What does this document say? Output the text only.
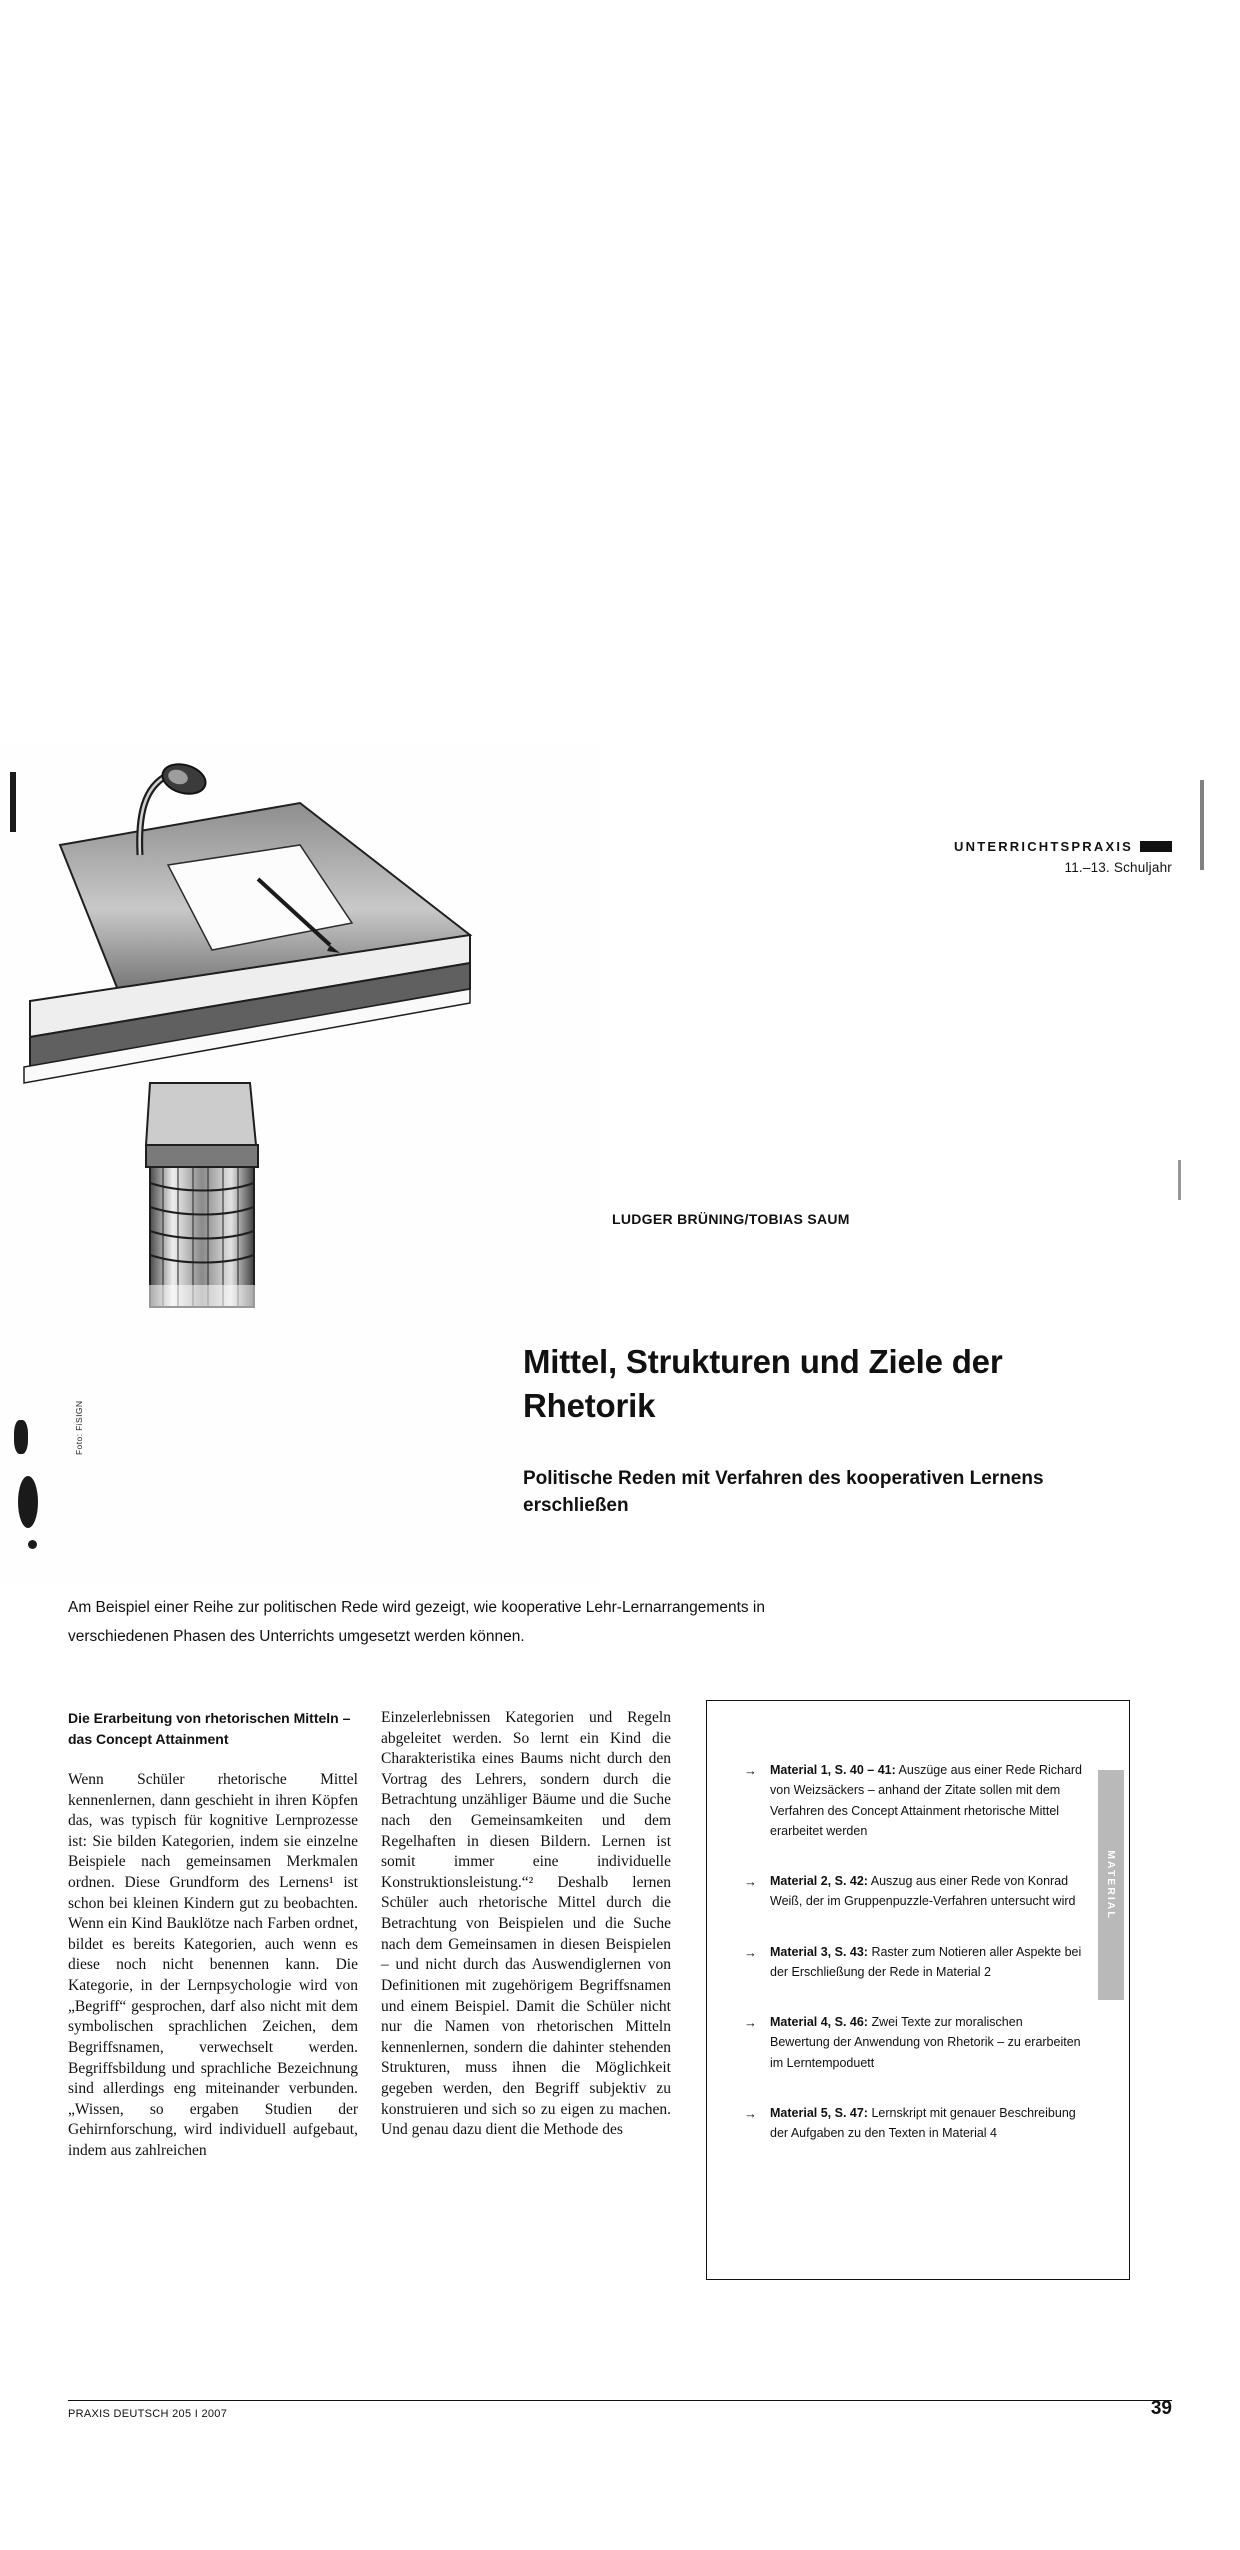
UNTERRICHTSPRAXIS
11.–13. Schuljahr
Foto: FiSIGN
LUDGER BRÜNING/TOBIAS SAUM
Mittel, Strukturen und Ziele der Rhetorik
Politische Reden mit Verfahren des kooperativen Lernens erschließen
Am Beispiel einer Reihe zur politischen Rede wird gezeigt, wie kooperative Lehr-Lernarrangements in verschiedenen Phasen des Unterrichts umgesetzt werden können.
Die Erarbeitung von rhetorischen Mitteln – das Concept Attainment

Wenn Schüler rhetorische Mittel kennenlernen, dann geschieht in ihren Köpfen das, was typisch für kognitive Lernprozesse ist: Sie bilden Kategorien, indem sie einzelne Beispiele nach gemeinsamen Merkmalen ordnen. Diese Grundform des Lernens¹ ist schon bei kleinen Kindern gut zu beobachten. Wenn ein Kind Bauklötze nach Farben ordnet, bildet es bereits Kategorien, auch wenn es diese noch nicht benennen kann. Die Kategorie, in der Lernpsychologie wird von „Begriff“ gesprochen, darf also nicht mit dem symbolischen sprachlichen Zeichen, dem Begriffsnamen, verwechselt werden. Begriffsbildung und sprachliche Bezeichnung sind allerdings eng miteinander verbunden. „Wissen, so ergaben Studien der Gehirnforschung, wird individuell aufgebaut, indem aus zahlreichen

Einzelerlebnissen Kategorien und Regeln abgeleitet werden. So lernt ein Kind die Charakteristika eines Baums nicht durch den Vortrag des Lehrers, sondern durch die Betrachtung unzähliger Bäume und die Suche nach den Gemeinsamkeiten und dem Regelhaften in diesen Bildern. Lernen ist somit immer eine individuelle Konstruktionsleistung.“² Deshalb lernen Schüler auch rhetorische Mittel durch die Betrachtung von Beispielen und die Suche nach dem Gemeinsamen in diesen Beispielen – und nicht durch das Auswendiglernen von Definitionen mit zugehörigem Begriffsnamen und einem Beispiel. Damit die Schüler nicht nur die Namen von rhetorischen Mitteln kennenlernen, sondern die dahinter stehenden Strukturen, muss ihnen die Möglichkeit gegeben werden, den Begriff subjektiv zu konstruieren und sich so zu eigen zu machen. Und genau dazu dient die Methode des

MATERIAL
→	Material 1, S. 40 – 41: Auszüge aus einer Rede Richard von Weizsäckers – anhand der Zitate sollen mit dem Verfahren des Concept Attainment rhetorische Mittel erarbeitet werden
→	Material 2, S. 42: Auszug aus einer Rede von Konrad Weiß, der im Gruppenpuzzle-Verfahren untersucht wird
→	Material 3, S. 43: Raster zum Notieren aller Aspekte bei der Erschließung der Rede in Material 2
→	Material 4, S. 46: Zwei Texte zur moralischen Bewertung der Anwendung von Rhetorik – zu erarbeiten im Lerntempoduett
→	Material 5, S. 47: Lernskript mit genauer Beschreibung der Aufgaben zu den Texten in Material 4
PRAXIS DEUTSCH 205 I 2007	39
